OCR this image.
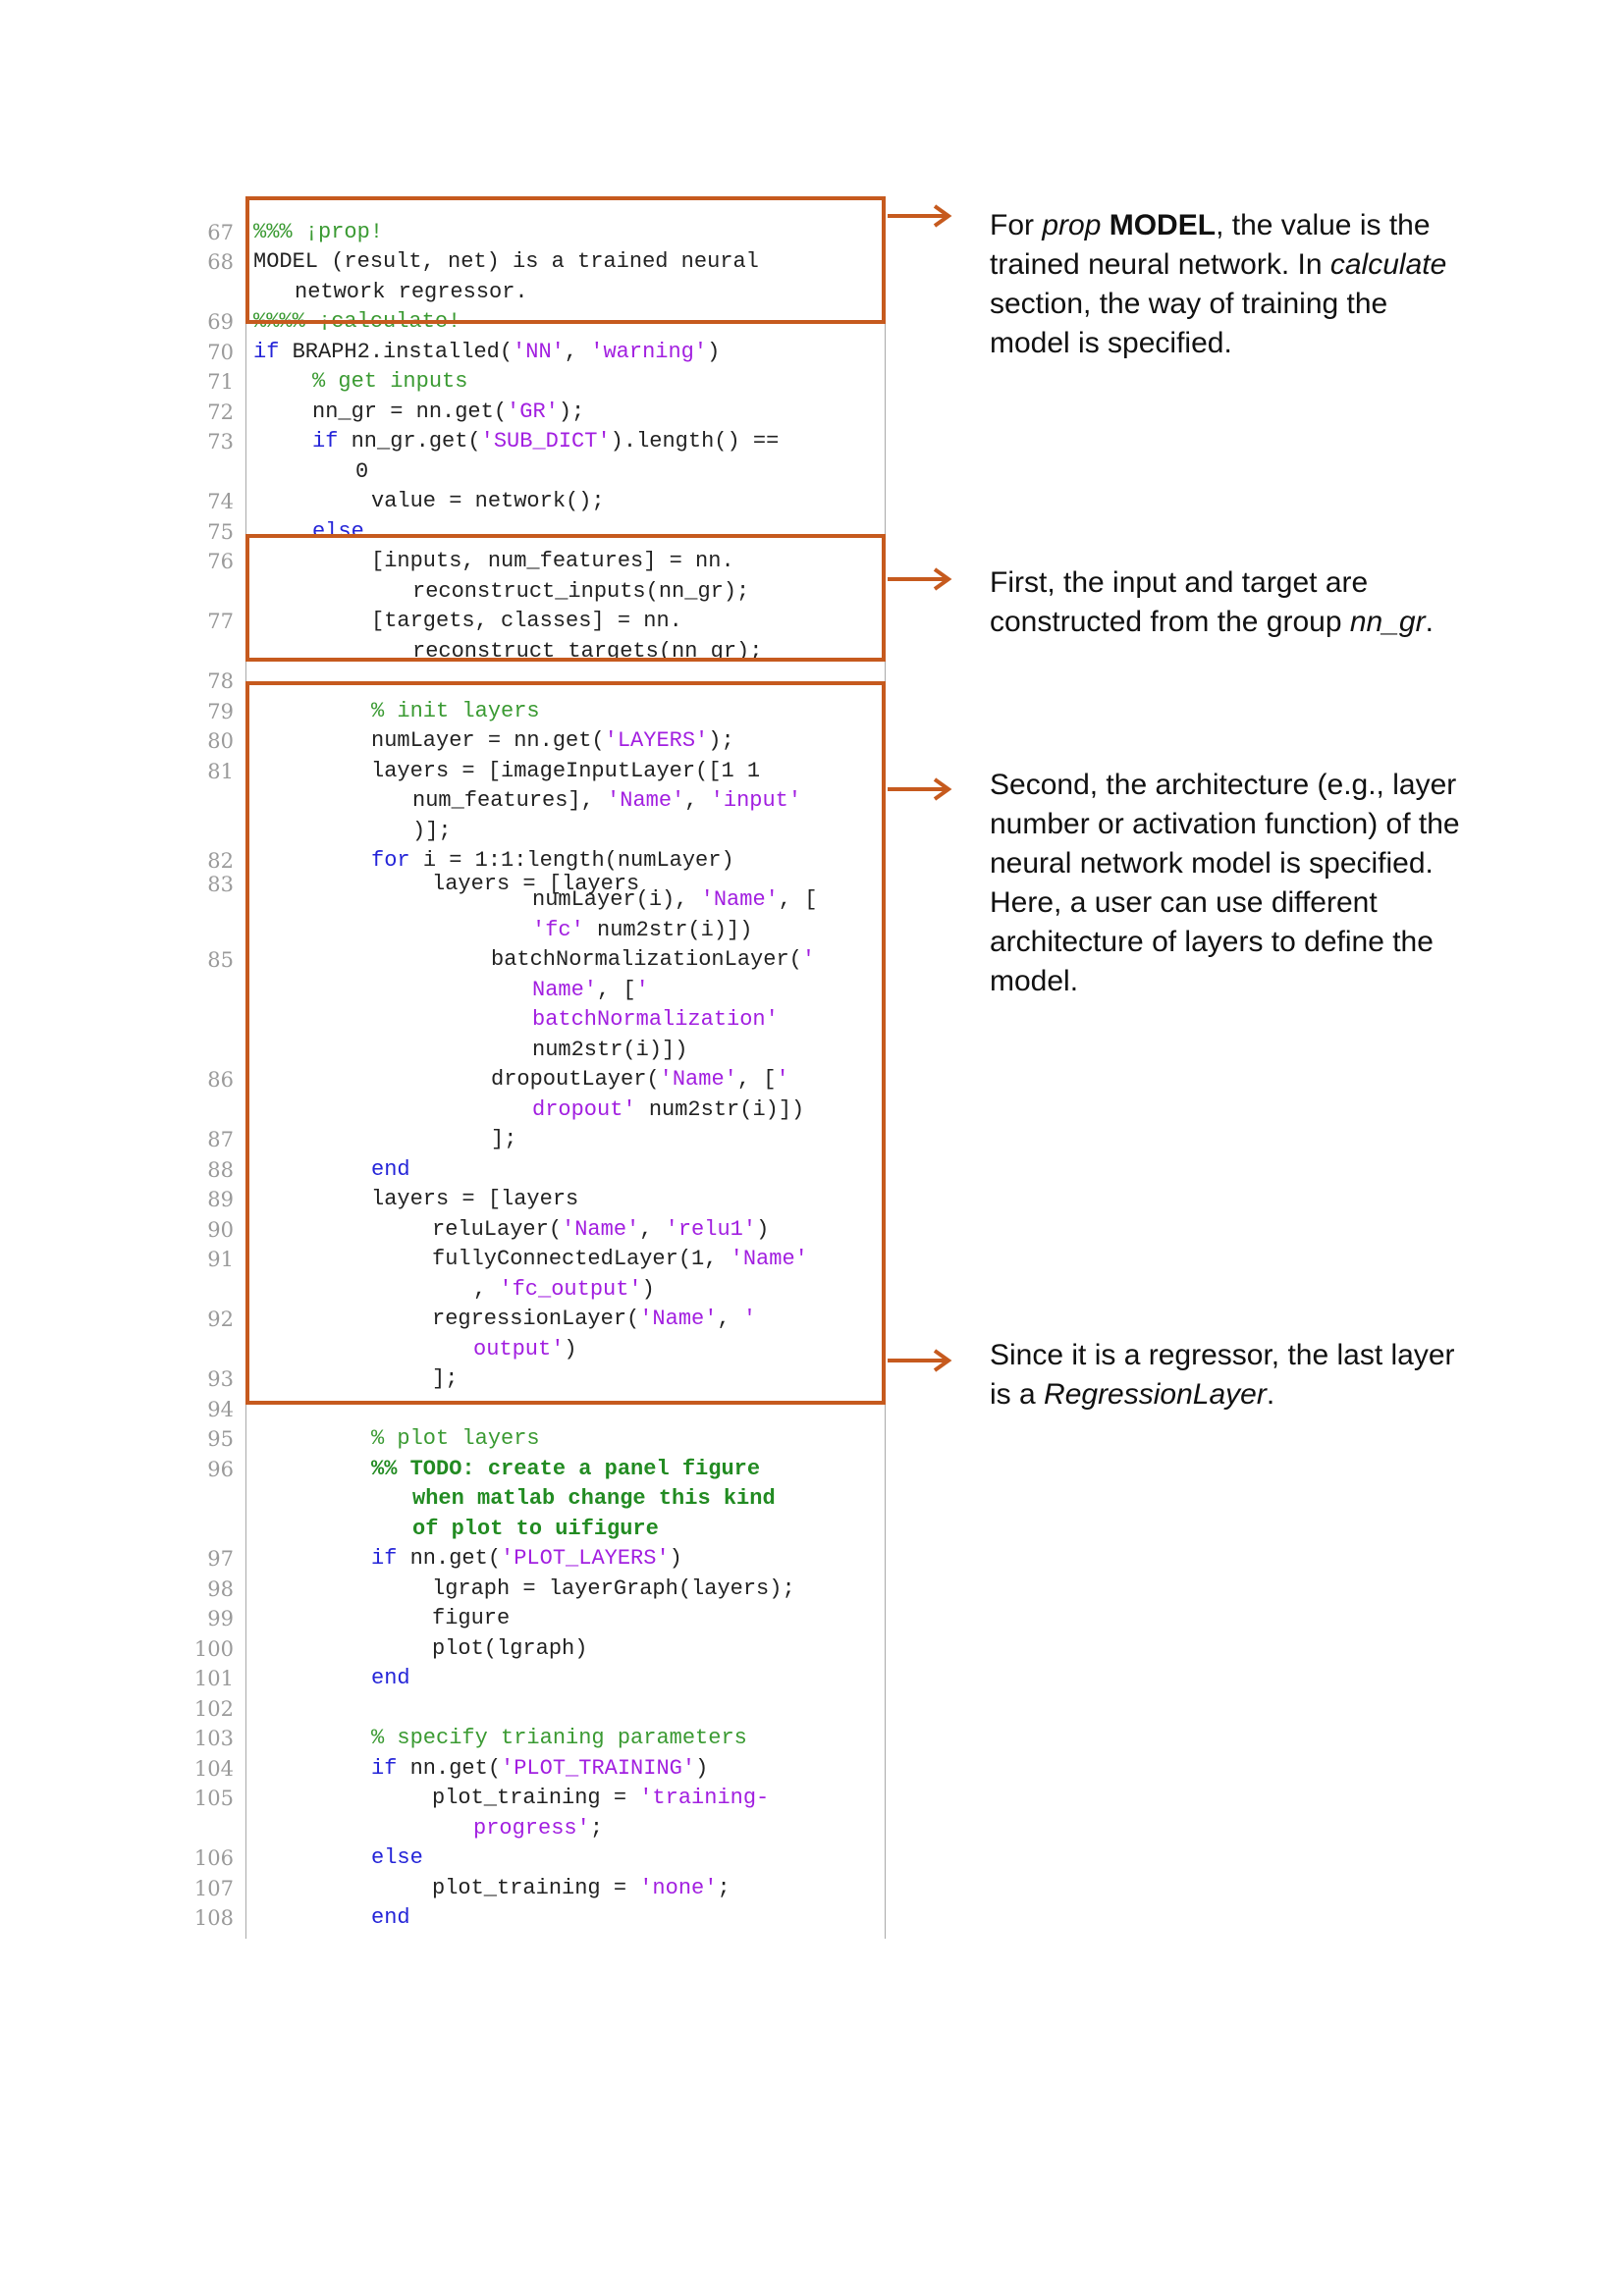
67 %%% ¡prop!
68 MODEL (result, net) is a trained neural
network regressor.
69 %%%% ¡calculate!
70 if BRAPH2.installed('NN', 'warning')
71	% get inputs
72	nn_gr = nn.get('GR');
73	if nn_gr.get('SUB_DICT').length() ==
0
74	value = network();
75	else
76	[inputs, num_features] = nn.
reconstruct_inputs(nn_gr);
77	[targets, classes] = nn.
reconstruct_targets(nn_gr);
78
79	% init layers
80	numLayer = nn.get('LAYERS');
81	layers = [imageInputLayer([1 1
num_features], 'Name', 'input'
)];
82	for i = 1:1:length(numLayer)
numLayer(i), 'Name', [
'fc' num2str(i)])
85	batchNormalizationLayer('
Name', ['
batchNormalization'
num2str(i)])
86	dropoutLayer('Name', ['
dropout' num2str(i)])
87	];
88	end
89	layers = [layers
90	reluLayer('Name', 'relu1')
91	fullyConnectedLayer(1, 'Name'
, 'fc_output')
92	regressionLayer('Name', '
output')
93	];
94
95	% plot layers
96	%% TODO: create a panel figure
when matlab change this kind
of plot to uifigure
97	if nn.get('PLOT_LAYERS')
98	lgraph = layerGraph(layers);
99	figure
100	plot(lgraph)
101	end
102
103	% specify trianing parameters
104	if nn.get('PLOT_TRAINING')
105	plot_training = 'training-
progress';
106	else
107	plot_training = 'none';
108	end
83	layers = [layers
For prop MODEL, the value is the trained neural network. In calculate section, the way of training the model is specified.
First, the input and target are constructed from the group nn_gr.
Second, the architecture (e.g., layer number or activation function) of the neural network model is specified. Here, a user can use different architecture of layers to define the model.
Since it is a regressor, the last layer is a RegressionLayer.
